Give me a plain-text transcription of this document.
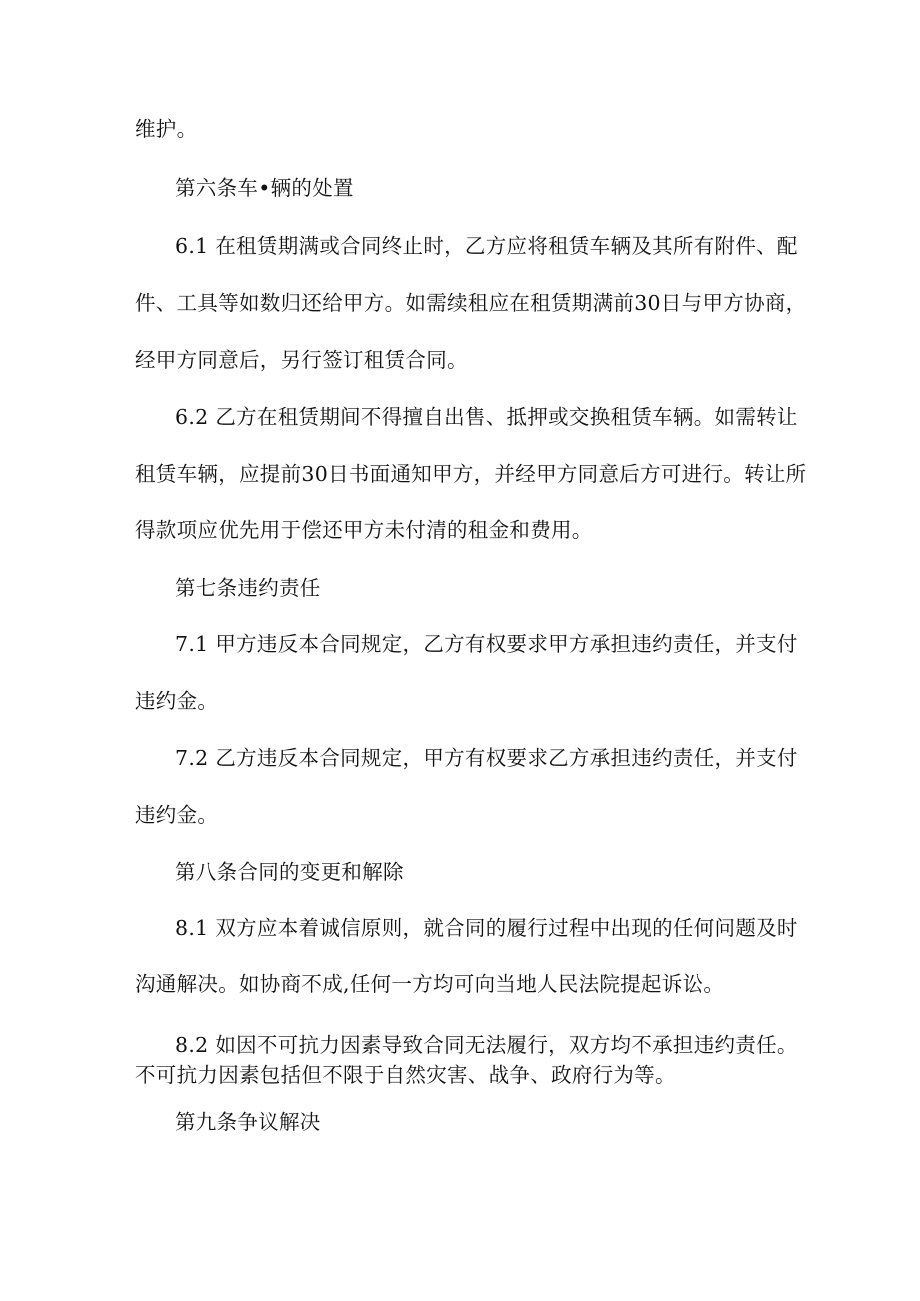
维护。
第六条车•辆的处置
6.1 在租赁期满或合同终止时，乙方应将租赁车辆及其所有附件、配
件、工具等如数归还给甲方。如需续租应在租赁期满前30日与甲方协商，
经甲方同意后，另行签订租赁合同。
6.2 乙方在租赁期间不得擅自出售、抵押或交换租赁车辆。如需转让
租赁车辆，应提前30日书面通知甲方，并经甲方同意后方可进行。转让所
得款项应优先用于偿还甲方未付清的租金和费用。
第七条违约责任
7.1 甲方违反本合同规定，乙方有权要求甲方承担违约责任，并支付
违约金。
7.2 乙方违反本合同规定，甲方有权要求乙方承担违约责任，并支付
违约金。
第八条合同的变更和解除
8.1 双方应本着诚信原则，就合同的履行过程中出现的任何问题及时
沟通解决。如协商不成,任何一方均可向当地人民法院提起诉讼。
8.2 如因不可抗力因素导致合同无法履行，双方均不承担违约责任。
不可抗力因素包括但不限于自然灾害、战争、政府行为等。
第九条争议解决
